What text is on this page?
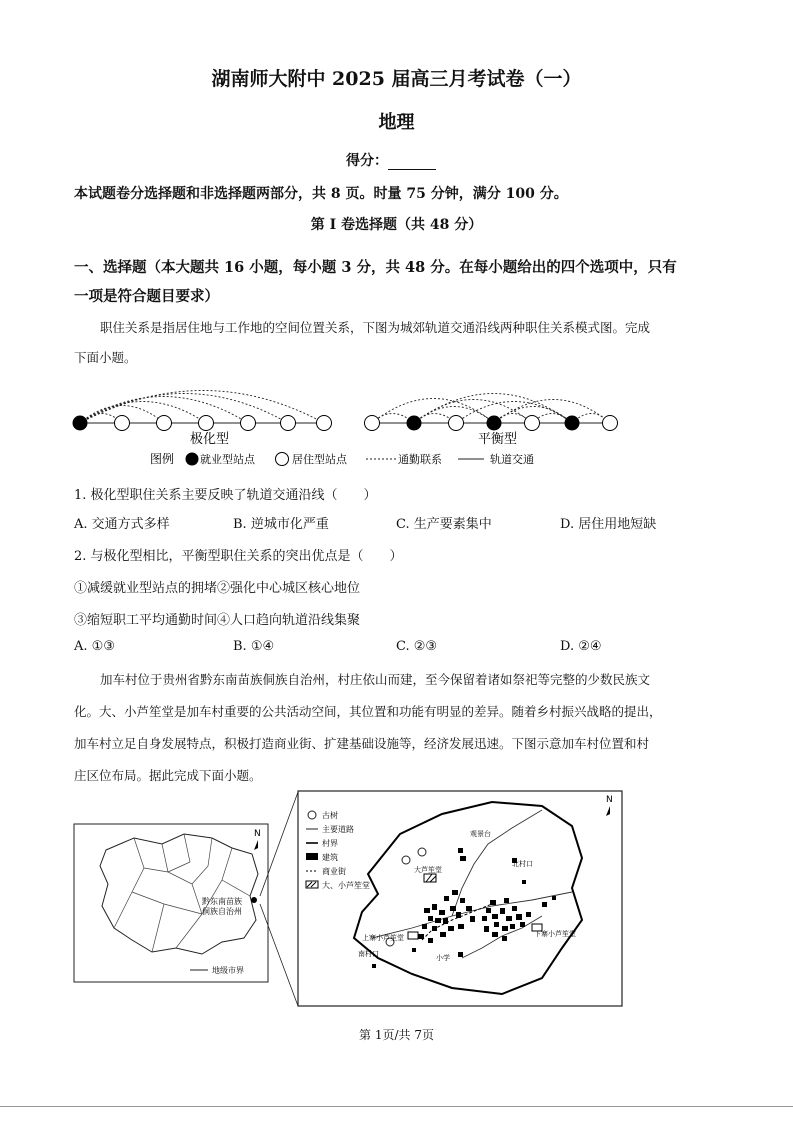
湖南师大附中 2025 届高三月考试卷（一）
地理
得分：
本试题卷分选择题和非选择题两部分，共 8 页。时量 75 分钟，满分 100 分。
第 I 卷选择题（共 48 分）
一、选择题（本大题共 16 小题，每小题 3 分，共 48 分。在每小题给出的四个选项中，只有
一项是符合题目要求）
职住关系是指居住地与工作地的空间位置关系，下图为城郊轨道交通沿线两种职住关系模式图。完成
下面小题。
极化型	平衡型
图例 就业型站点	居住型站点	通勤联系	轨道交通
1. 极化型职住关系主要反映了轨道交通沿线（　　）
A. 交通方式多样	B. 逆城市化严重	C. 生产要素集中	D. 居住用地短缺
2. 与极化型相比，平衡型职住关系的突出优点是（　　）
①减缓就业型站点的拥堵②强化中心城区核心地位
③缩短职工平均通勤时间④人口趋向轨道沿线集聚
A. ①③	B. ①④	C. ②③	D. ②④
加车村位于贵州省黔东南苗族侗族自治州，村庄依山而建，至今保留着诸如祭祀等完整的少数民族文
化。大、小芦笙堂是加车村重要的公共活动空间，其位置和功能有明显的差异。随着乡村振兴战略的提出，
加车村立足自身发展特点，积极打造商业街、扩建基础设施等，经济发展迅速。下图示意加车村位置和村
庄区位布局。据此完成下面小题。
黔东南苗族
侗族自治州
N
地级市界
N
古树
主要道路
村界
建筑
商业街
大、小芦笙堂
大芦笙堂
观景台
北村口
上寨小芦笙堂	下寨小芦笙堂
南村口	小学
第 1页/共 7页
